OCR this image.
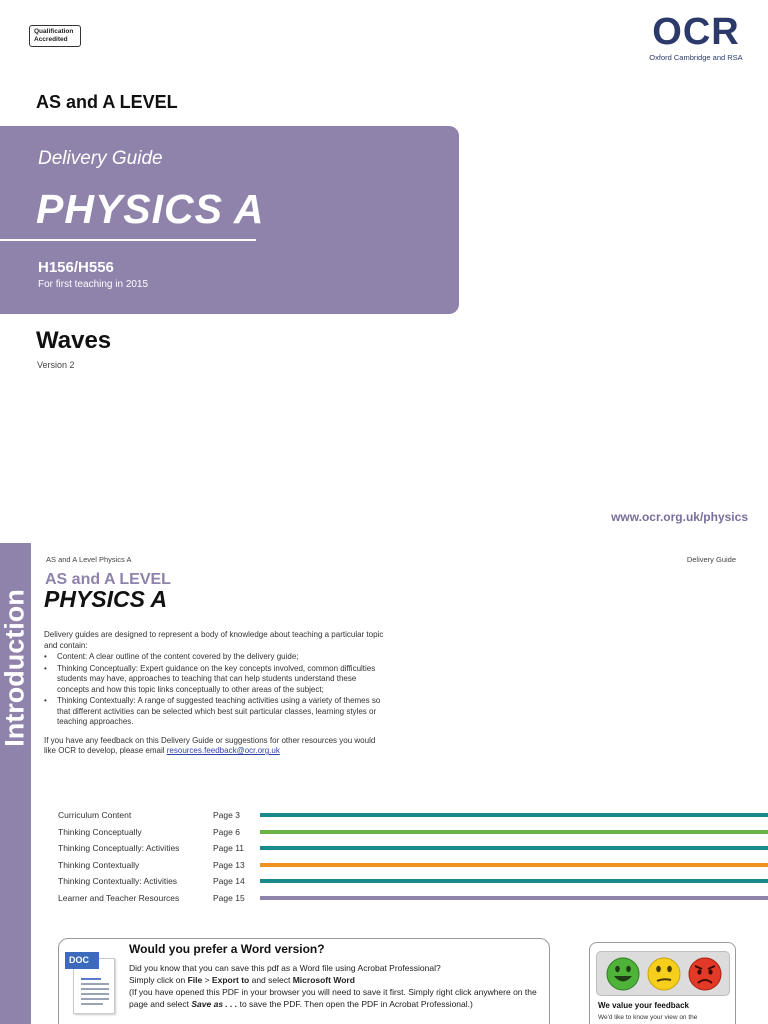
Qualification
Accredited	OCR
Oxford Cambridge and RSA
AS and A LEVEL
Delivery Guide
PHYSICS A
H156/H556
For first teaching in 2015
Waves
Version 2
www.ocr.org.uk/physics
Introduction
AS and A Level Physics A	Delivery Guide
AS and A LEVEL
PHYSICS A

Delivery guides are designed to represent a body of knowledge about teaching a particular topic and contain:

• Content: A clear outline of the content covered by the delivery guide;
• Thinking Conceptually: Expert guidance on the key concepts involved, common difficulties students may have, approaches to teaching that can help students understand these concepts and how this topic links conceptually to other areas of the subject;
• Thinking Contextually: A range of suggested teaching activities using a variety of themes so that different activities can be selected which best suit particular classes, learning styles or teaching approaches.

If you have any feedback on this Delivery Guide or suggestions for other resources you would like OCR to develop, please email resources.feedback@ocr.org.uk

Curriculum Content	Page 3
Thinking Conceptually	Page 6
Thinking Conceptually: Activities	Page 11
Thinking Contextually	Page 13
Thinking Contextually: Activities	Page 14
Learner and Teacher Resources	Page 15
DOC
Would you prefer a Word version?
Did you know that you can save this pdf as a Word file using Acrobat Professional?
Simply click on File > Export to and select Microsoft Word
(If you have opened this PDF in your browser you will need to save it first. Simply right click anywhere on the page and select Save as . . . to save the PDF. Then open the PDF in Acrobat Professional.)	We value your feedback
We'd like to know your view on the
